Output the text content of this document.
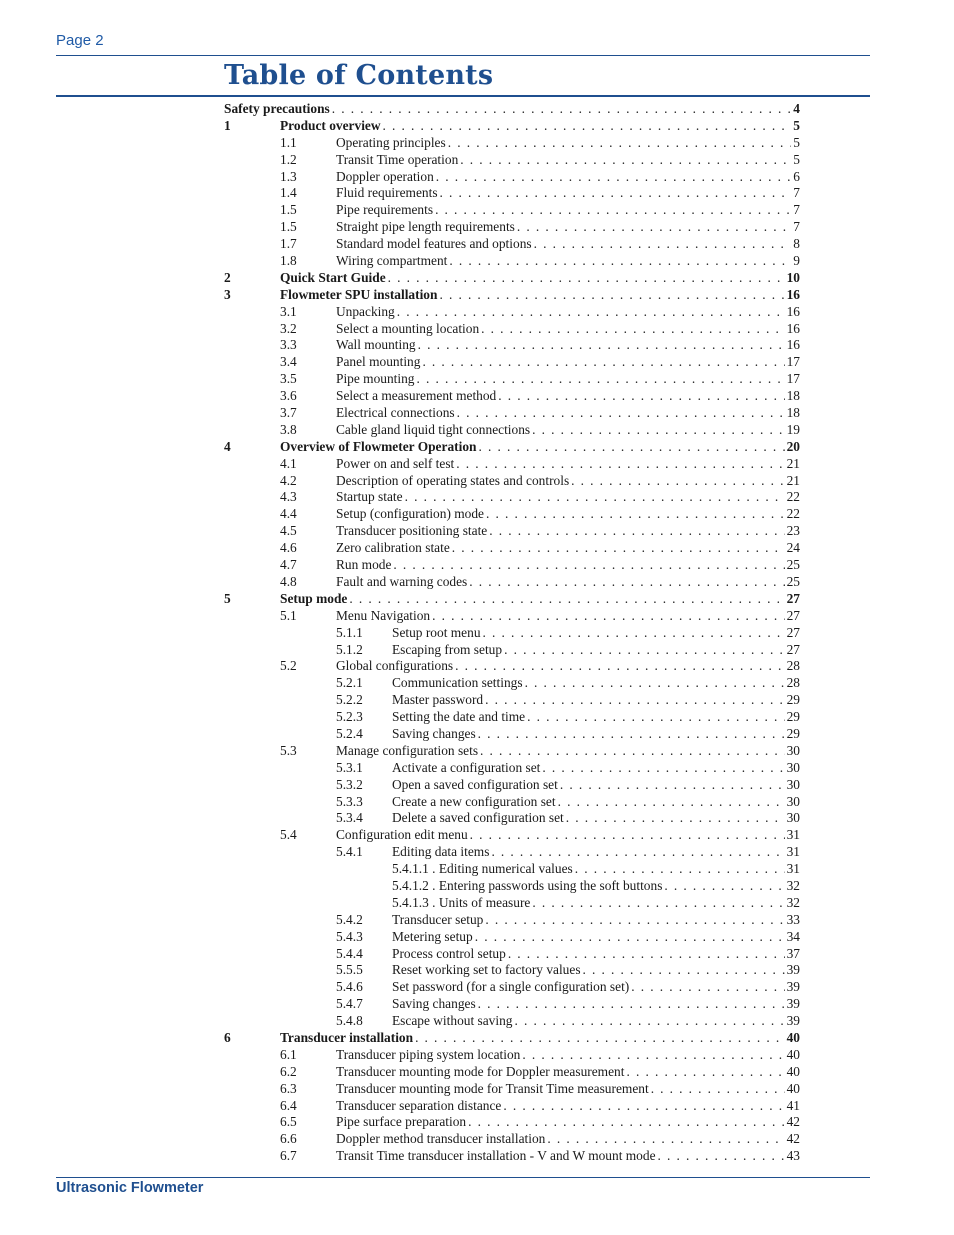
Page 2
Table of Contents
Safety precautions . . .	4
1	Product overview . . .	5
1.1	Operating principles . . .	5
1.2	Transit Time operation . . .	5
1.3	Doppler operation . . .	6
1.4	Fluid requirements . . .	7
1.5	Pipe requirements . . .	7
1.5	Straight pipe length requirements . . .	7
1.7	Standard model features and options . . .	8
1.8	Wiring compartment . . .	9
2	Quick Start Guide . . .	10
3	Flowmeter SPU installation . . .	16
3.1	Unpacking . . .	16
3.2	Select a mounting location . . .	16
3.3	Wall mounting . . .	16
3.4	Panel mounting . . .	17
3.5	Pipe mounting . . .	17
3.6	Select a measurement method . . .	18
3.7	Electrical connections . . .	18
3.8	Cable gland liquid tight connections . . .	19
4	Overview of Flowmeter Operation . . .	20
4.1	Power on and self test . . .	21
4.2	Description of operating states and controls . . .	21
4.3	Startup state . . .	22
4.4	Setup (configuration) mode . . .	22
4.5	Transducer positioning state . . .	23
4.6	Zero calibration state . . .	24
4.7	Run mode . . .	25
4.8	Fault and warning codes . . .	25
5	Setup mode . . .	27
5.1	Menu Navigation . . .	27
5.1.1 Setup root menu . . .	27
5.1.2 Escaping from setup . . .	27
5.2	Global configurations . . .	28
5.2.1 Communication settings . . .	28
5.2.2 Master password . . .	29
5.2.3 Setting the date and time . . .	29
5.2.4 Saving changes . . .	29
5.3	Manage configuration sets . . .	30
5.3.1 Activate a configuration set . . .	30
5.3.2 Open a saved configuration set . . .	30
5.3.3 Create a new configuration set . . .	30
5.3.4 Delete a saved configuration set . . .	30
5.4	Configuration edit menu . . .	31
5.4.1 Editing data items . . .	31
5.4.1.1 . Editing numerical values . . .	31
5.4.1.2 . Entering passwords using the soft buttons . . .	32
5.4.1.3 . Units of measure . . .	32
5.4.2 Transducer setup . . .	33
5.4.3 Metering setup . . .	34
5.4.4 Process control setup . . .	37
5.5.5 Reset working set to factory values . . .	39
5.4.6 Set password (for a single configuration set) . . .	39
5.4.7 Saving changes . . .	39
5.4.8 Escape without saving . . .	39
6	Transducer installation . . .	40
6.1	Transducer piping system location . . .	40
6.2	Transducer mounting mode for Doppler measurement . . .	40
6.3	Transducer mounting mode for Transit Time measurement . . .	40
6.4	Transducer separation distance . . .	41
6.5	Pipe surface preparation . . .	42
6.6	Doppler method transducer installation . . .	42
6.7	Transit Time transducer installation - V and W mount mode . . .	43
Ultrasonic Flowmeter
